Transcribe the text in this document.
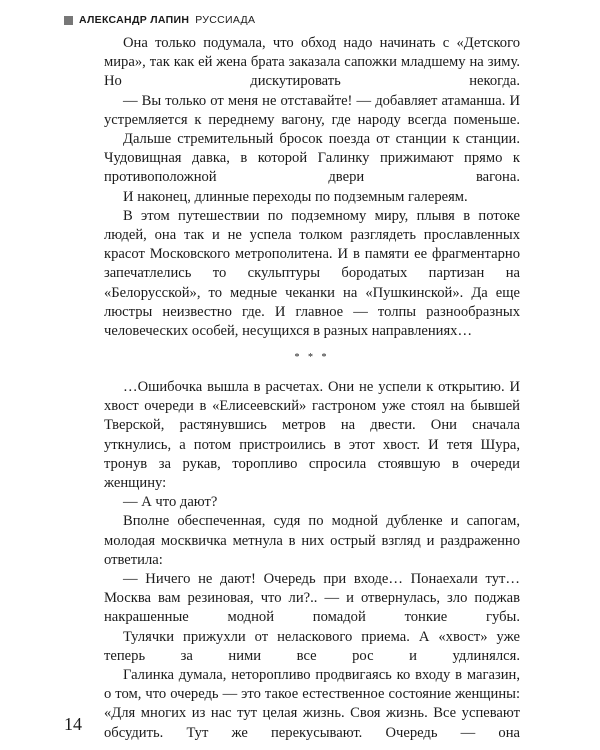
АЛЕКСАНДР ЛАПИН РУССИАДА

Она только подумала, что обход надо начинать с «Детского мира», так как ей жена брата заказала сапожки младшему на зиму. Но дискутировать некогда.

— Вы только от меня не отставайте! — добавляет атаманша. И устремляется к переднему вагону, где народу всегда поменьше.

Дальше стремительный бросок поезда от станции к станции. Чудовищная давка, в которой Галинку прижимают прямо к противоположной двери вагона.

И наконец, длинные переходы по подземным галереям.

В этом путешествии по подземному миру, плывя в потоке людей, она так и не успела толком разглядеть прославленных красот Московского метрополитена. И в памяти ее фрагментарно запечатлелись то скульптуры бородатых партизан на «Белорусской», то медные чеканки на «Пушкинской». Да еще люстры неизвестно где. И главное — толпы разнообразных человеческих особей, несущихся в разных направлениях…

* * *

…Ошибочка вышла в расчетах. Они не успели к открытию. И хвост очереди в «Елисеевский» гастроном уже стоял на бывшей Тверской, растянувшись метров на двести. Они сначала уткнулись, а потом пристроились в этот хвост. И тетя Шура, тронув за рукав, торопливо спросила стоявшую в очереди женщину:

— А что дают?

Вполне обеспеченная, судя по модной дубленке и сапогам, молодая москвичка метнула в них острый взгляд и раздраженно ответила:

— Ничего не дают! Очередь при входе… Понаехали тут… Москва вам резиновая, что ли?.. — и отвернулась, зло поджав накрашенные модной помадой тонкие губы.

Тулячки прижухли от неласкового приема. А «хвост» уже теперь за ними все рос и удлинялся.

Галинка думала, неторопливо продвигаясь ко входу в магазин, о том, что очередь — это такое естественное состояние женщины: «Для многих из нас тут целая жизнь. Своя жизнь. Все успевают обсудить. Тут же перекусывают. Очередь — она

14
